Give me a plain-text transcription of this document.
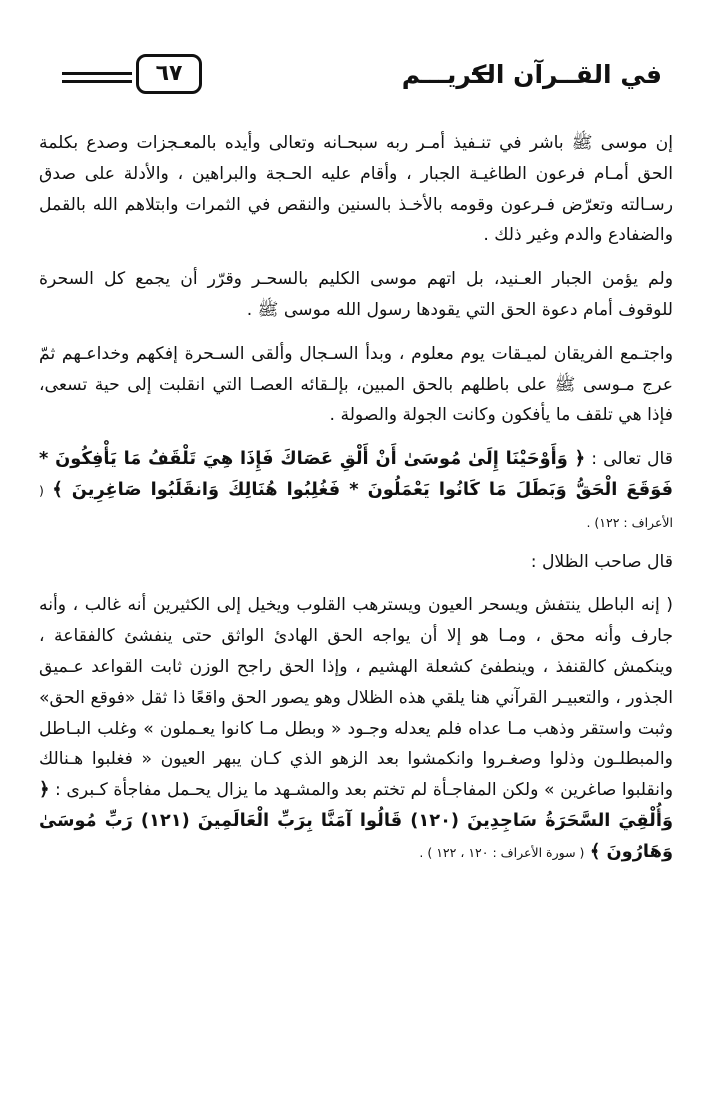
في القــرآن الكريـــم
٦٧

إن موسى ﷺ باشر في تنـفيذ أمـر ربه سبحـانه وتعالى وأيده بالمعـجزات وصدع بكلمة الحق أمـام فرعون الطاغيـة الجبار ، وأقام عليه الحـجة والبراهين ، والأدلة على صدق رسـالته وتعرّض فـرعون وقومه بالأخـذ بالسنين والنقص في الثمرات وابتلاهم الله بالقمل والضفادع والدم وغير ذلك .

ولم يؤمن الجبار العـنيد، بل اتهم موسى الكليم بالسحـر وقرّر أن يجمع كل السحرة للوقوف أمام دعوة الحق التي يقودها رسول الله موسى ﷺ .

واجتـمع الفريقان لميـقات يوم معلوم ، وبدأ السـجال وألقى السـحرة إفكهم وخداعـهم ثمّ عرج مـوسى ﷺ على باطلهم بالحق المبين، بإلـقائه العصـا التي انقلبت إلى حية تسعى، فإذا هي تلقف ما يأفكون وكانت الجولة والصولة .

قال تعالى : ﴿ وَأَوْحَيْنَا إِلَىٰ مُوسَىٰ أَنْ أَلْقِ عَصَاكَ فَإِذَا هِيَ تَلْقَفُ مَا يَأْفِكُونَ * فَوَقَعَ الْحَقُّ وَبَطَلَ مَا كَانُوا يَعْمَلُونَ * فَغُلِبُوا هُنَالِكَ وَانقَلَبُوا صَاغِرِينَ ﴾ ( الأعراف : ١٢٢) .

قال صاحب الظلال :

( إنه الباطل ينتفش ويسحر العيون ويسترهب القلوب ويخيل إلى الكثيرين أنه غالب ، وأنه جارف وأنه محق ، ومـا هو إلا أن يواجه الحق الهادئ الواثق حتى ينفشئ كالفقاعة ، وينكمش كالقنفذ ، وينطفئ كشعلة الهشيم ، وإذا الحق راجح الوزن ثابت القواعد عـميق الجذور ، والتعبيـر القرآني هنا يلقي هذه الظلال وهو يصور الحق واقعًا ذا ثقل «فوقع الحق» وثبت واستقر وذهب مـا عداه فلم يعدله وجـود « وبطل مـا كانوا يعـملون » وغلب البـاطل والمبطلـون وذلوا وصغـروا وانكمشوا بعد الزهو الذي كـان يبهر العيون « فغلبوا هـنالك وانقلبوا صاغرين » ولكن المفاجـأة لم تختم بعد والمشـهد ما يزال يحـمل مفاجأة كـبرى : ﴿ وَأُلْقِيَ السَّحَرَةُ سَاجِدِينَ (١٢٠) قَالُوا آمَنَّا بِرَبِّ الْعَالَمِينَ (١٢١) رَبِّ مُوسَىٰ وَهَارُونَ ﴾ ( سورة الأعراف : ١٢٠ ، ١٢٢ ) .
